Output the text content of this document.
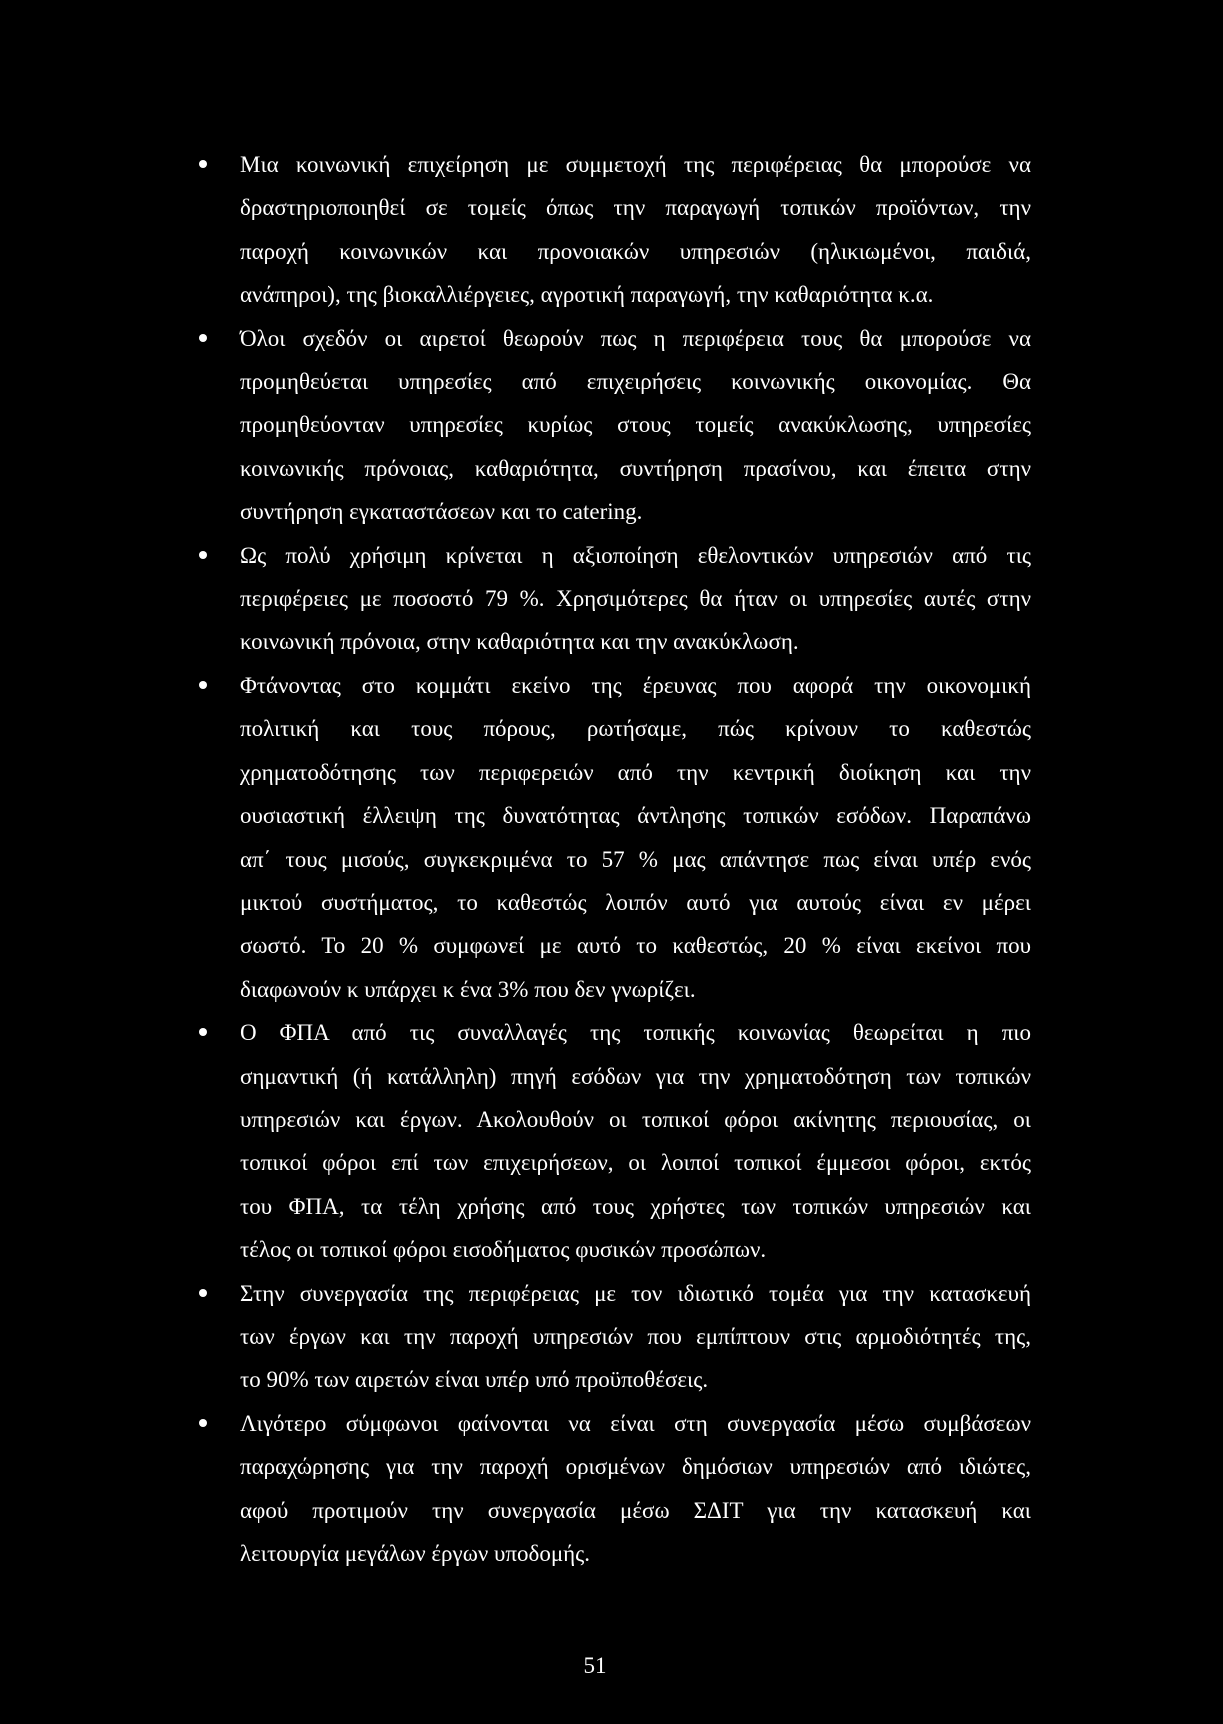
Μια κοινωνική επιχείρηση με συμμετοχή της περιφέρειας θα μπορούσε να
δραστηριοποιηθεί σε τομείς όπως την παραγωγή τοπικών προϊόντων, την
παροχή κοινωνικών και προνοιακών υπηρεσιών (ηλικιωμένοι, παιδιά,
ανάπηροι), της βιοκαλλιέργειες, αγροτική παραγωγή, την καθαριότητα κ.α.
Όλοι σχεδόν οι αιρετοί θεωρούν πως η περιφέρεια τους θα μπορούσε να
προμηθεύεται υπηρεσίες από επιχειρήσεις κοινωνικής οικονομίας. Θα
προμηθεύονταν υπηρεσίες κυρίως στους τομείς ανακύκλωσης, υπηρεσίες
κοινωνικής πρόνοιας, καθαριότητα, συντήρηση πρασίνου, και έπειτα στην
συντήρηση εγκαταστάσεων και το catering.
Ως πολύ χρήσιμη κρίνεται η αξιοποίηση εθελοντικών υπηρεσιών από τις
περιφέρειες με ποσοστό 79 %. Χρησιμότερες θα ήταν οι υπηρεσίες αυτές στην
κοινωνική πρόνοια, στην καθαριότητα και την ανακύκλωση.
Φτάνοντας στο κομμάτι εκείνο της έρευνας που αφορά την οικονομική
πολιτική και τους πόρους, ρωτήσαμε, πώς κρίνουν το καθεστώς
χρηματοδότησης των περιφερειών από την κεντρική διοίκηση και την
ουσιαστική έλλειψη της δυνατότητας άντλησης τοπικών εσόδων. Παραπάνω
απ΄ τους μισούς, συγκεκριμένα το 57 % μας απάντησε πως είναι υπέρ ενός
μικτού συστήματος, το καθεστώς λοιπόν αυτό για αυτούς είναι εν μέρει
σωστό. Το 20 % συμφωνεί με αυτό το καθεστώς, 20 % είναι εκείνοι που
διαφωνούν κ υπάρχει κ ένα 3% που δεν γνωρίζει.
Ο ΦΠΑ από τις συναλλαγές της τοπικής κοινωνίας θεωρείται η πιο
σημαντική (ή κατάλληλη) πηγή εσόδων για την χρηματοδότηση των τοπικών
υπηρεσιών και έργων. Ακολουθούν οι τοπικοί φόροι ακίνητης περιουσίας, οι
τοπικοί φόροι επί των επιχειρήσεων, οι λοιποί τοπικοί έμμεσοι φόροι, εκτός
του ΦΠΑ, τα τέλη χρήσης από τους χρήστες των τοπικών υπηρεσιών και
τέλος οι τοπικοί φόροι εισοδήματος φυσικών προσώπων.
Στην συνεργασία της περιφέρειας με τον ιδιωτικό τομέα για την κατασκευή
των έργων και την παροχή υπηρεσιών που εμπίπτουν στις αρμοδιότητές της,
το 90% των αιρετών είναι υπέρ υπό προϋποθέσεις.
Λιγότερο σύμφωνοι φαίνονται να είναι στη συνεργασία μέσω συμβάσεων
παραχώρησης για την παροχή ορισμένων δημόσιων υπηρεσιών από ιδιώτες,
αφού προτιμούν την συνεργασία μέσω ΣΔΙΤ για την κατασκευή και
λειτουργία μεγάλων έργων υποδομής.
51
